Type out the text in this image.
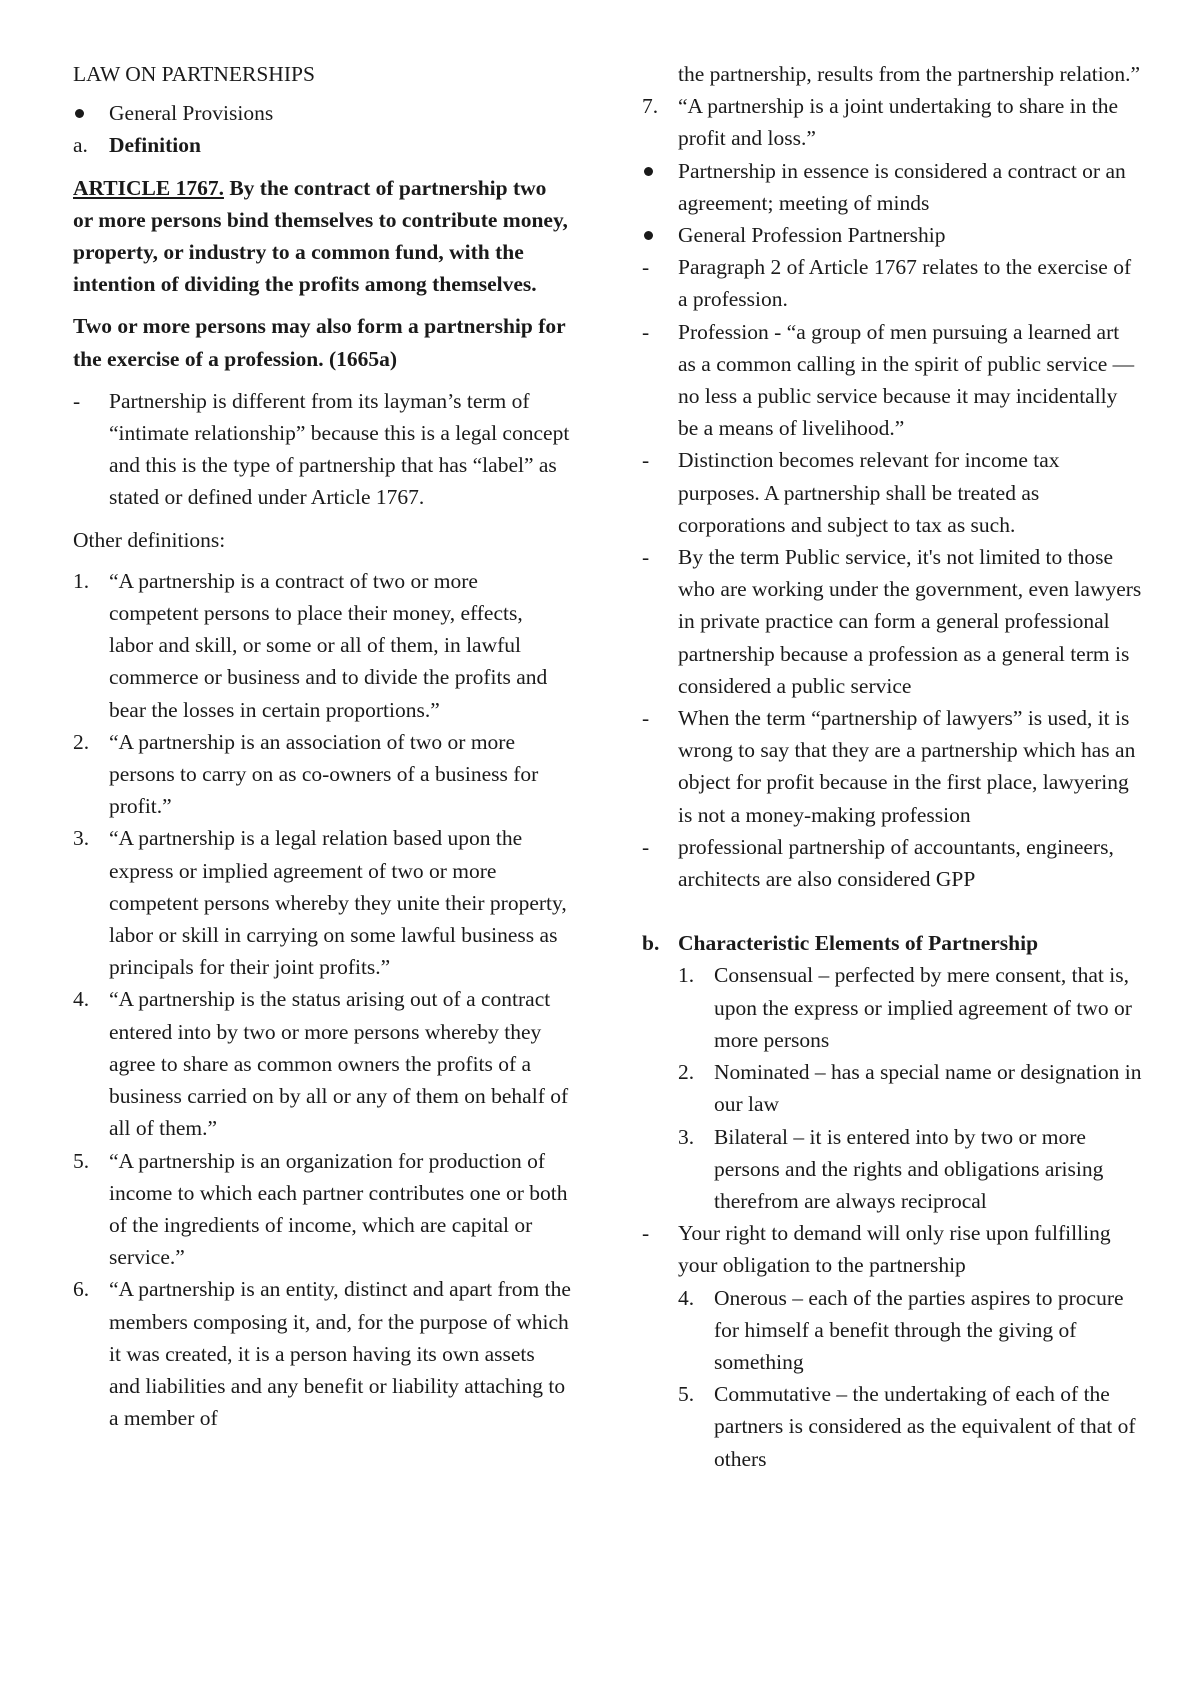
LAW ON PARTNERSHIPS

General Provisions

a. Definition

ARTICLE 1767. By the contract of partnership two or more persons bind themselves to contribute money, property, or industry to a common fund, with the intention of dividing the profits among themselves.

Two or more persons may also form a partnership for the exercise of a profession. (1665a)

-	Partnership is different from its layman’s term of “intimate relationship” because this is a legal concept and this is the type of partnership that has “label” as stated or defined under Article 1767.

Other definitions:

1. “A partnership is a contract of two or more competent persons to place their money, effects, labor and skill, or some or all of them, in lawful commerce or business and to divide the profits and bear the losses in certain proportions.”
2. “A partnership is an association of two or more persons to carry on as co-owners of a business for profit.”
3. “A partnership is a legal relation based upon the express or implied agreement of two or more competent persons whereby they unite their property, labor or skill in carrying on some lawful business as principals for their joint profits.”
4. “A partnership is the status arising out of a contract entered into by two or more persons whereby they agree to share as common owners the profits of a business carried on by all or any of them on behalf of all of them.”
5. “A partnership is an organization for production of income to which each partner contributes one or both of the ingredients of income, which are capital or service.”
6. “A partnership is an entity, distinct and apart from the members composing it, and, for the purpose of which it was created, it is a person having its own assets and liabilities and any benefit or liability attaching to a member of

the partnership, results from the partnership relation.”

7. “A partnership is a joint undertaking to share in the profit and loss.”

Partnership in essence is considered a contract or an agreement; meeting of minds

General Profession Partnership

-	Paragraph 2 of Article 1767 relates to the exercise of a profession.
-	Profession - “a group of men pursuing a learned art as a common calling in the spirit of public service — no less a public service because it may incidentally be a means of livelihood.”
-	Distinction becomes relevant for income tax purposes. A partnership shall be treated as corporations and subject to tax as such.
-	By the term Public service, it's not limited to those who are working under the government, even lawyers in private practice can form a general professional partnership because a profession as a general term is considered a public service
-	When the term “partnership of lawyers” is used, it is wrong to say that they are a partnership which has an object for profit because in the first place, lawyering is not a money-making profession
-	professional partnership of accountants, engineers, architects are also considered GPP
b. Characteristic Elements of Partnership
1. Consensual – perfected by mere consent, that is, upon the express or implied agreement of two or more persons
2. Nominated – has a special name or designation in our law
3. Bilateral – it is entered into by two or more persons and the rights and obligations arising therefrom are always reciprocal
-	Your right to demand will only rise upon fulfilling your obligation to the partnership
4. Onerous – each of the parties aspires to procure for himself a benefit through the giving of something
5. Commutative – the undertaking of each of the partners is considered as the equivalent of that of others
